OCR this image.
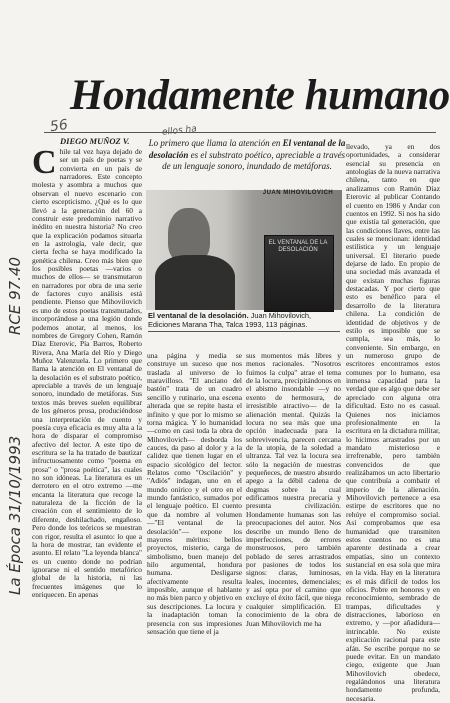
Hondamente humano
DIEGO MUÑOZ V.
56	ellos ha
La Época 31/10/1993
RCE 97.40
Lo primero que llama la atención en El ventanal de la desolación es el substrato poético, apreciable a través de un lenguaje sonoro, inundado de metáforas.
JUAN MIHOVILOVICH
EL VENTANAL DE LA DESOLACIÓN
El ventanal de la desolación. Juan Mihovilovich, Ediciones Marana Tha, Talca 1993, 113 páginas.
Chile tal vez haya dejado de ser un país de poetas y se convierta en un país de narradores. Este concepto molesta y asombra a muchos que observan el nuevo escenario con cierto escepticismo. ¿Qué es lo que llevó a la generación del 60 a construir este predominio narrativo inédito en nuestra historia? No creo que la explicación podamos situarla en la astrología, vale decir, que cierta fecha se haya modificado la genética chilena. Creo más bien que los posibles poetas —varios o muchos de ellos— se transmutaron en narradores por obra de una serie de factores cuyo análisis está pendiente. Pienso que Mihovilovich es uno de estos poetas transmutados, incorporándose a una legión donde podemos anotar, al menos, los nombres de Gregory Cohen, Ramón Díaz Eterovic, Pía Barros, Roberto Rivera, Ana María del Río y Diego Muñoz Valenzuela. Lo primero que llama la atención en El ventanal de la desolación es el substrato poético, apreciable a través de un lenguaje sonoro, inundado de metáforas. Sus textos más breves suelen equilibrar de los géneros prosa, produciéndose una interpretación de cuento y poesía cuya eficacia es muy alta a la hora de disparar el compromiso afectivo del lector. A este tipo de escritura se la ha tratado de bautizar infructuosamente como "poema en prosa" o "prosa poética", las cuales no son idóneas. La literatura es un derrotero en el otro extremo —me encanta la literatura que recoge la naturaleza de la ficción de la creación con el sentimiento de lo diferente, deshilachado, engañoso. Pero donde los teóricos se muestran con rigor, resulta el asunto: lo que a la hora de mostrar, tan evidente el asunto. El relato "La leyenda blanca" es un cuento donde no podrían ignorarse ni el sentido metafórico global de la historia, ni las frecuentes imágenes que lo enriquecen. En apenas
una página y media se construye un suceso que nos traslada al universo de lo maravilloso. "El anciano del bastón" trata de un cuadro sencillo y rutinario, una escena alterada que se repite hasta el infinito y que por lo mismo se torna mágica. Y lo humanidad —como en casi toda la obra de Mihovilovich— desborda los cauces, da paso al dolor y a la calidez que tienen lugar en el espacio sicológico del lector. Relatos como "Oscilación" y "Adiós" indagan, uno en el mundo onírico y el otro en el mundo fantástico, sumados por el lenguaje poético. El cuento que da nombre al volumen —"El ventanal de la desolación"— expone los mayores méritos: bellos proyectos, misterio, carga de simbolismo, buen manejo del hilo argumental, hondura humana. Desligarse afectivamente resulta imposible, aunque el hablante no más bien parco y objetivo en sus descripciones. La locura y la inadaptación toman la presencia con sus impresiones sensación que tiene el ja
sus momentos más libres y menos racionales. "Nosotros fuimos la culpa" atrae el tema de la locura, precipitándonos en el abismo insondable —y no exento de hermosura, de irresistible atractivo— de la alienación mental. Quizás la locura no sea más que una opción inadecuada para la sobrevivencia, parecen cercana de la utopía, de la soledad a ultranza. Tal vez la locura sea sólo la negación de nuestras pequeñeces, de nuestro absurdo apego a la débil cadena de dogmas sobre la cual edificamos nuestra precaria y presunta civilización. Hondamente humanas son las preocupaciones del autor. Nos describe un mundo lleno de imperfecciones, de errores monstruosos, pero también poblado de seres arrastrados por pasiones de todos los signos: claras, luminosas, leales, inocentes, demenciales; y así opta por el camino que excluye el éxito fácil, que niega cualquier simplificación. El conocimiento de la obra de Juan Mihovilovich me ha
llevado, ya en dos oportunidades, a considerar esencial su presencia en antologías de la nueva narrativa chilena, tanto en que analizamos con Ramón Díaz Eterovic al publicar Contando el cuento en 1986 y Andar con cuentos en 1992. Si nos ha sido que existía tal generación, que las condiciones llaves, entre las cuales se mencionan: identidad estilística y un lenguaje universal. El literario puede dejarse de lado. En propio de una sociedad más avanzada el que existan muchas figuras destacadas. Y por cierto que esto es benéfico para el desarrollo de la literatura chilena. La condición de identidad de objetivos y de estilo es imposible que se cumpla, sea más, lo conveniente. Sin embargo, en un numeroso grupo de escritores encontramos estos comunes por lo humano, esa inmensa capacidad para la verdad que es algo que debe ser apreciado con alguna otra dificultad. Esto no es casual. Quienes nos iniciamos profesionalmente en la escritura en la dictadura militar, lo hicimos arrastrados por un mandato misterioso e irrefrenable, pero también convencidos de que realizábamos un acto libertario que contribuía a combatir el imperio de la alienación. Mihovilovich pertenece a esa estirpe de escritores que no rehúye el compromiso social. Así comprobamos que esa humanidad que transmiten estos cuentos no es una aparente destinada a crear empatías, sino un contexto sustancial en esa sola que mira en la vida. Hay en la literatura es el más difícil de todos los oficios. Pobre en honores y en reconocimiento, sembrado de trampas, dificultades y distracciones, laborioso en extremo, y —por añadidura— intrincable. No existe explicación racional para este afán. Se escribe porque no se puede evitar. En un mandato ciego, exigente que Juan Mihovilovich obedece, regalándonos una literatura hondamente profunda, necesaria.
